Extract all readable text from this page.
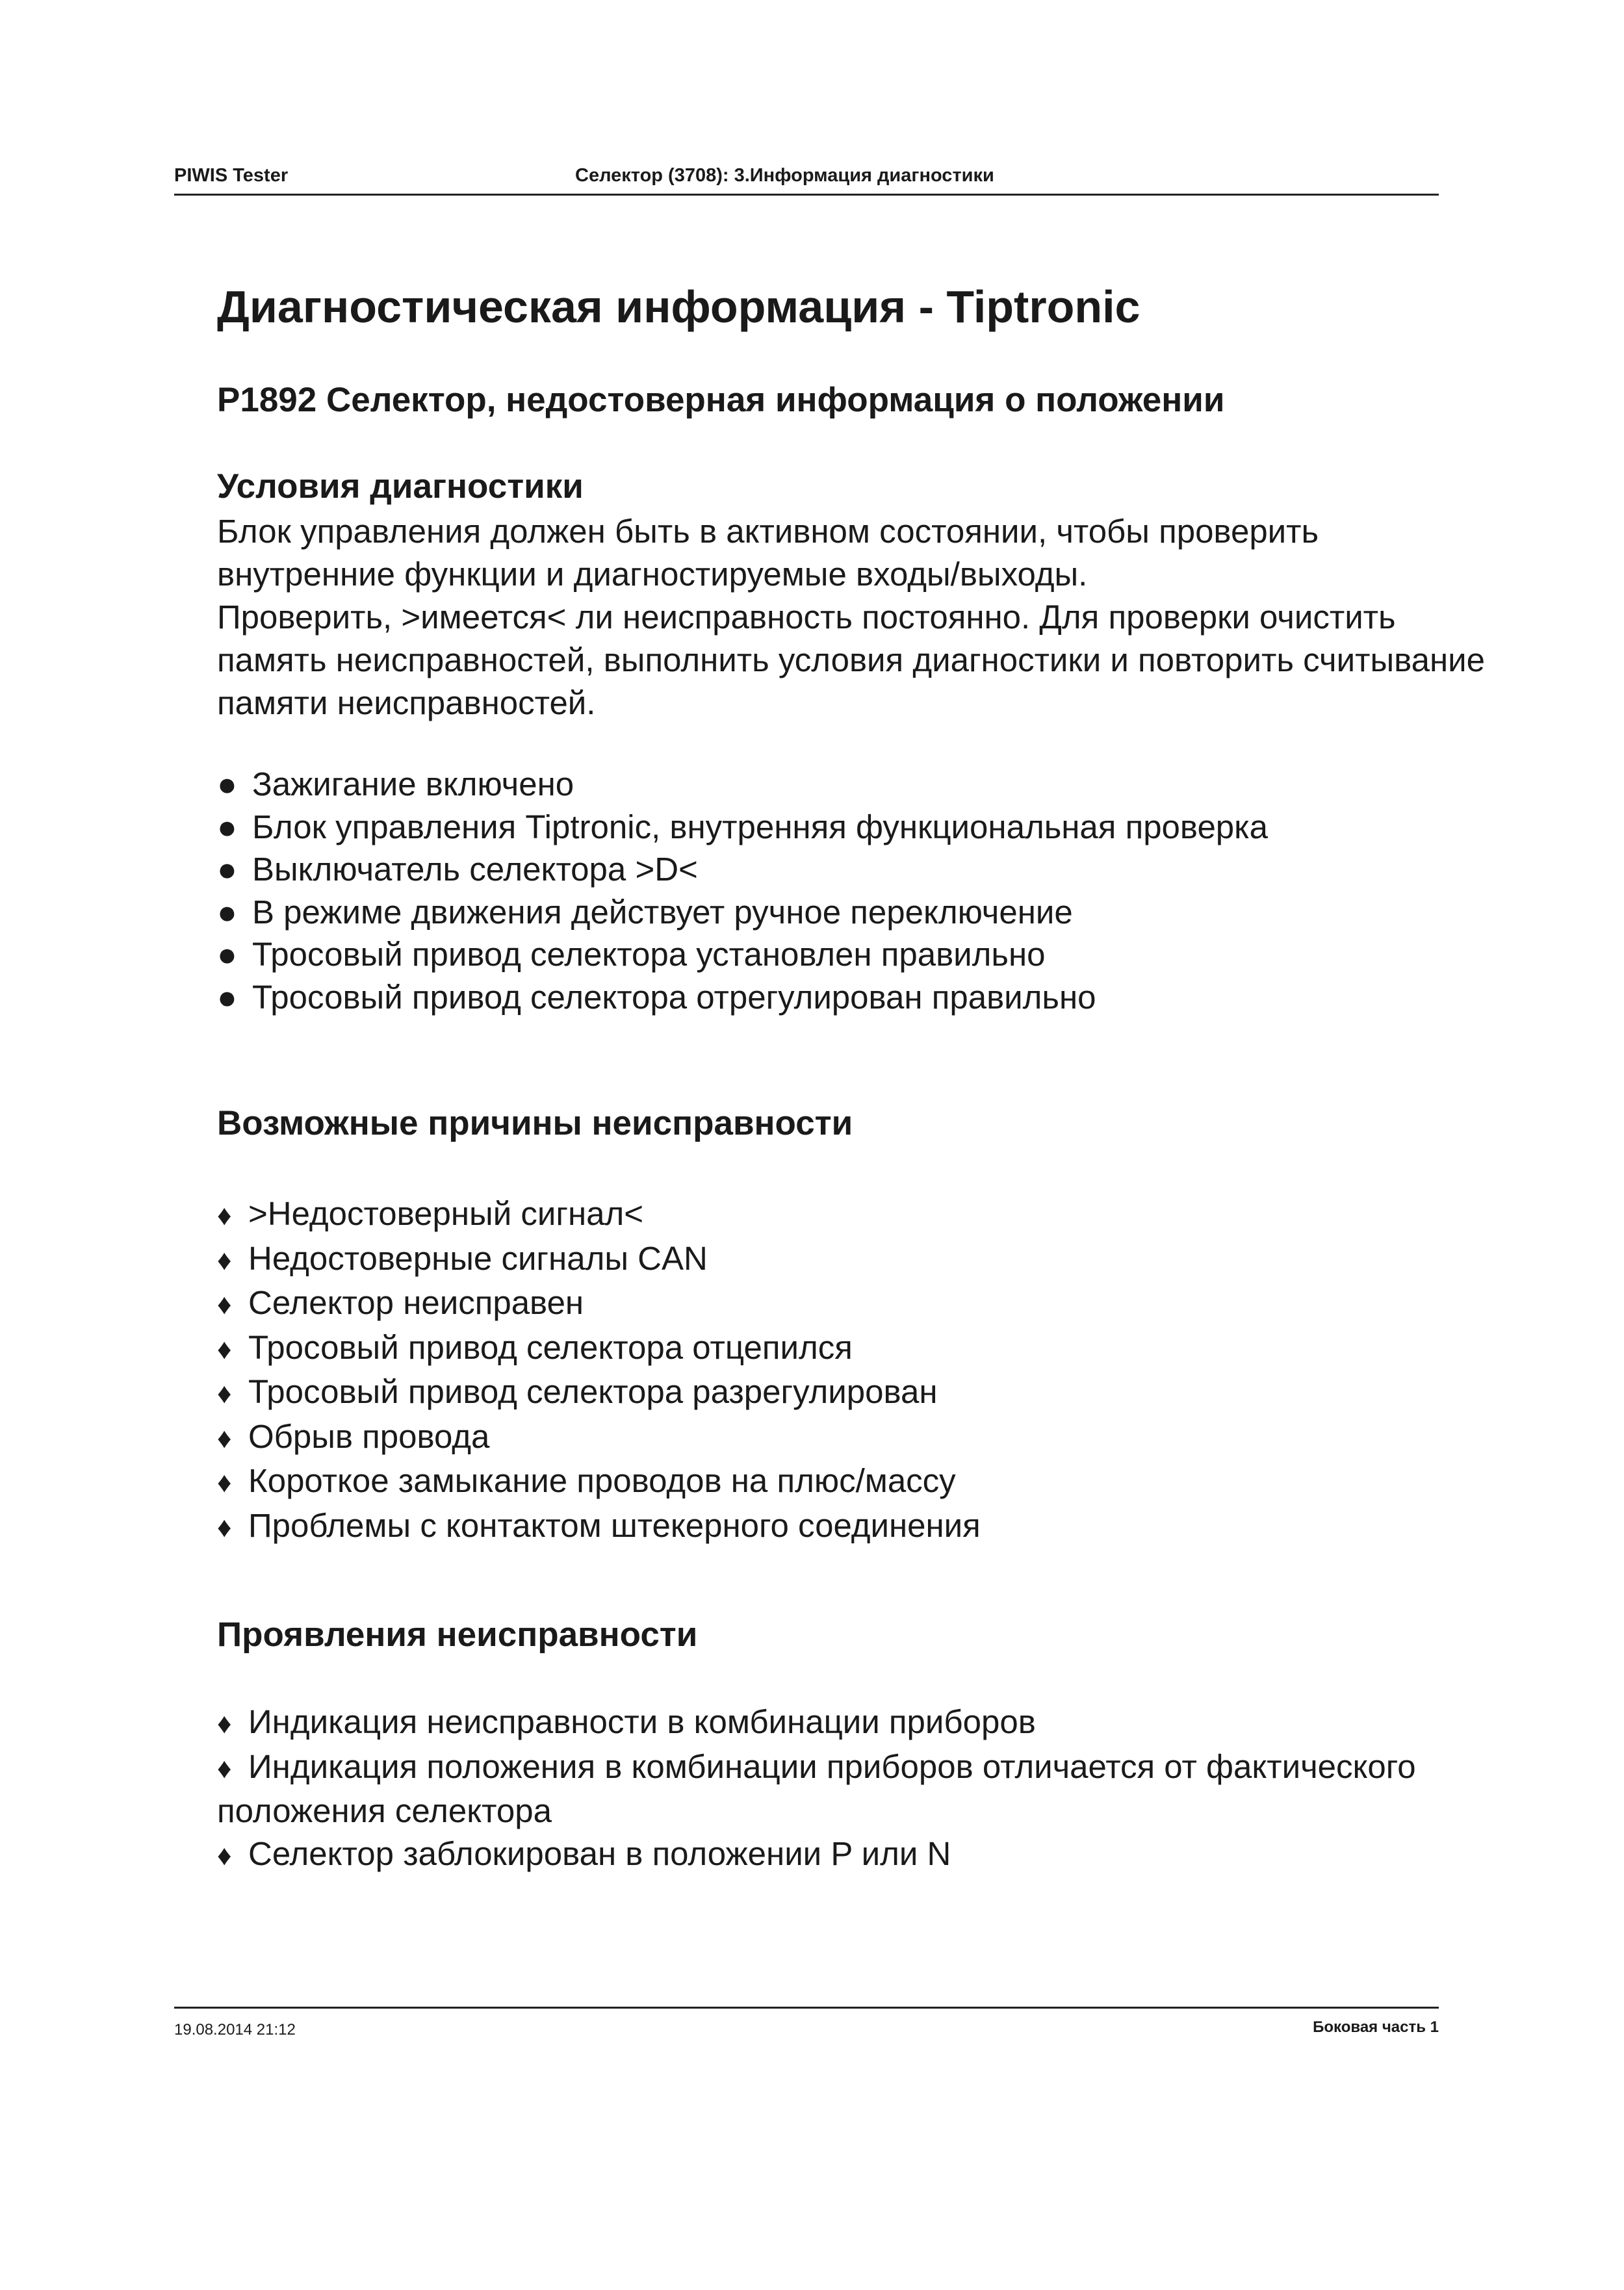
PIWIS Tester	Селектор (3708): 3.Информация диагностики
Диагностическая информация - Tiptronic
P1892 Селектор, недостоверная информация о положении
Условия диагностики

Блок управления должен быть в активном состоянии, чтобы проверить внутренние функции и диагностируемые входы/выходы.

Проверить, >имеется< ли неисправность постоянно. Для проверки очистить память неисправностей, выполнить условия диагностики и повторить считывание памяти неисправностей.

● Зажигание включено
● Блок управления Tiptronic, внутренняя функциональная проверка
● Выключатель селектора >D<
● В режиме движения действует ручное переключение
● Тросовый привод селектора установлен правильно
● Тросовый привод селектора отрегулирован правильно
Возможные причины неисправности
♦ >Недостоверный сигнал<
♦ Недостоверные сигналы CAN
♦ Селектор неисправен
♦ Тросовый привод селектора отцепился
♦ Тросовый привод селектора разрегулирован
♦ Обрыв провода
♦ Короткое замыкание проводов на плюс/массу
♦ Проблемы с контактом штекерного соединения
Проявления неисправности
♦ Индикация неисправности в комбинации приборов
♦ Индикация положения в комбинации приборов отличается от фактического положения селектора
♦ Селектор заблокирован в положении P или N
19.08.2014 21:12	Боковая часть 1
